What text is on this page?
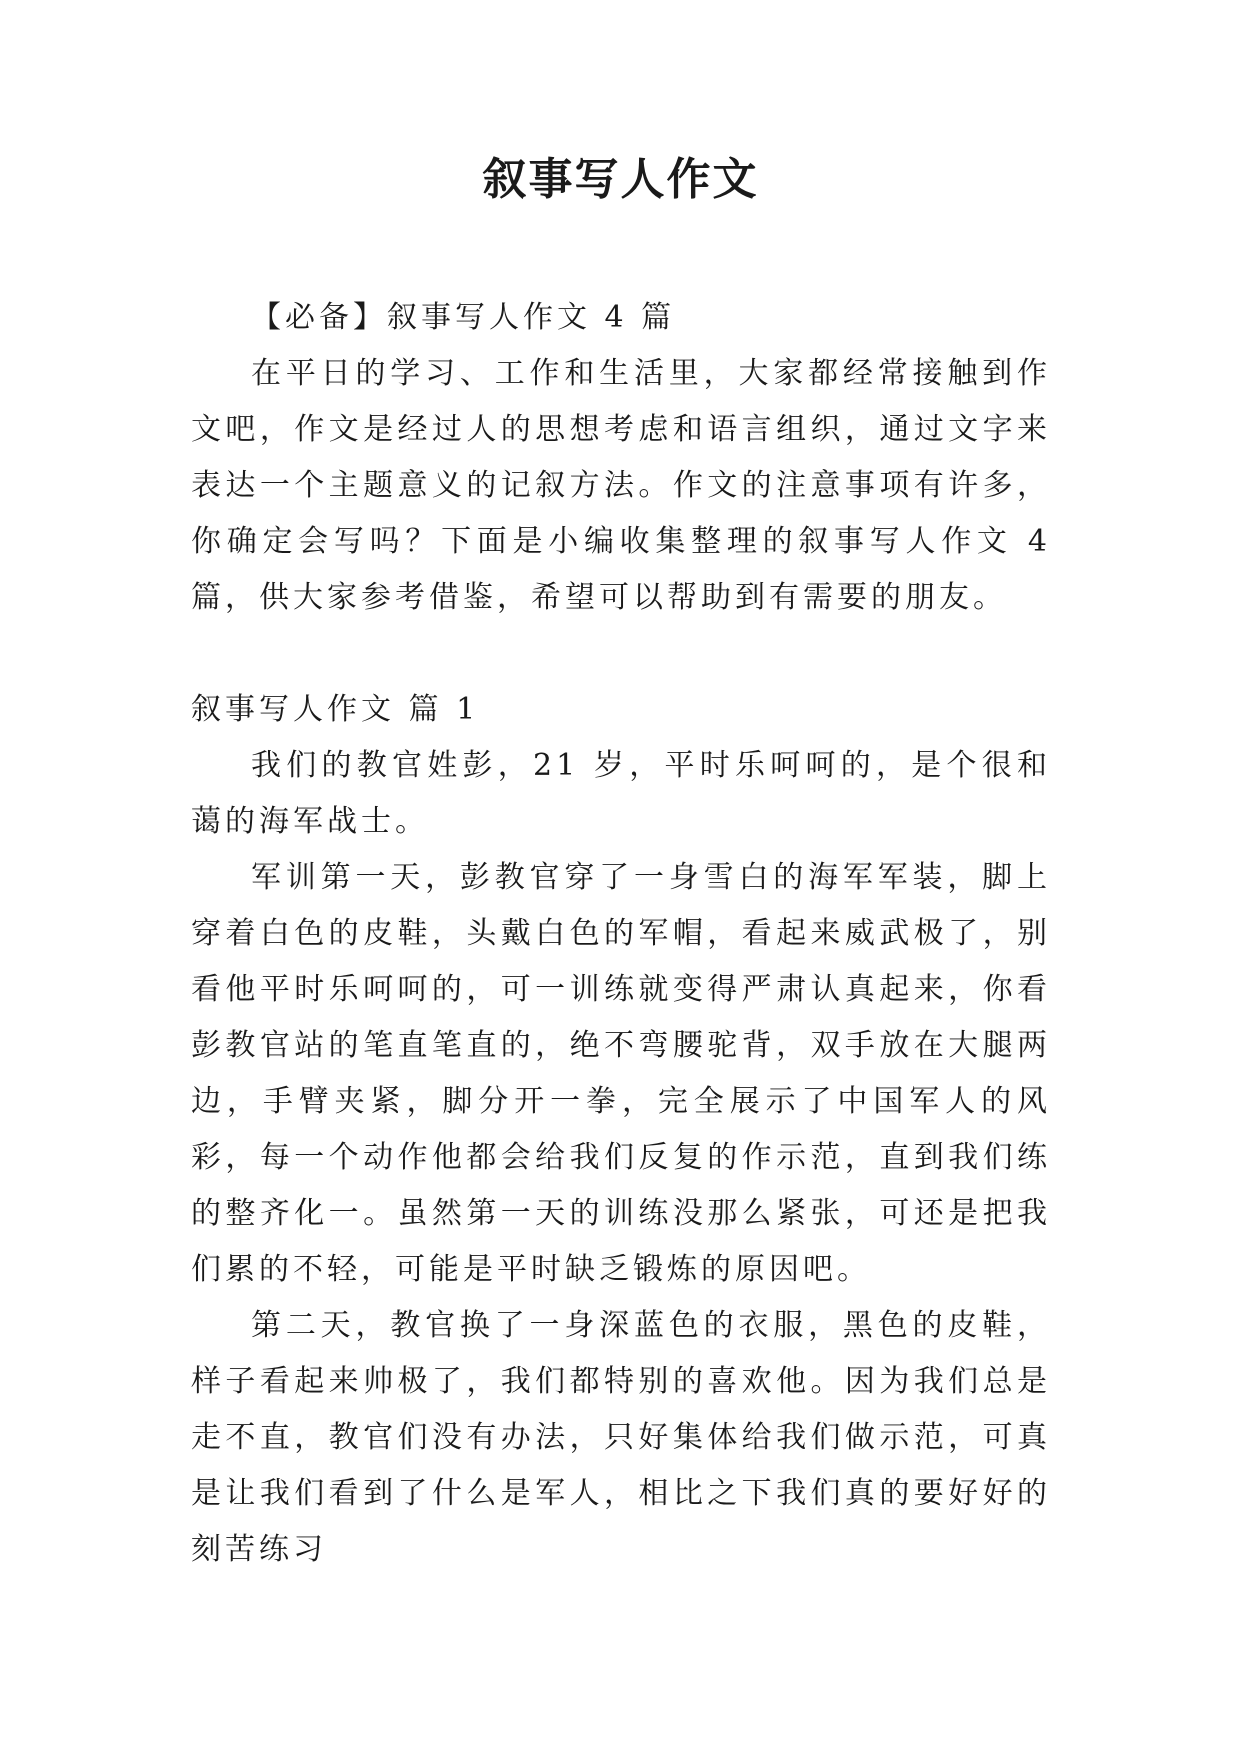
叙事写人作文

【必备】叙事写人作文 4 篇

在平日的学习、工作和生活里，大家都经常接触到作文吧，作文是经过人的思想考虑和语言组织，通过文字来表达一个主题意义的记叙方法。作文的注意事项有许多，你确定会写吗？下面是小编收集整理的叙事写人作文 4 篇，供大家参考借鉴，希望可以帮助到有需要的朋友。

叙事写人作文 篇 1

我们的教官姓彭，21 岁，平时乐呵呵的，是个很和蔼的海军战士。

军训第一天，彭教官穿了一身雪白的海军军装，脚上穿着白色的皮鞋，头戴白色的军帽，看起来威武极了，别看他平时乐呵呵的，可一训练就变得严肃认真起来，你看彭教官站的笔直笔直的，绝不弯腰驼背，双手放在大腿两边，手臂夹紧，脚分开一拳，完全展示了中国军人的风彩，每一个动作他都会给我们反复的作示范，直到我们练的整齐化一。虽然第一天的训练没那么紧张，可还是把我们累的不轻，可能是平时缺乏锻炼的原因吧。

第二天，教官换了一身深蓝色的衣服，黑色的皮鞋，样子看起来帅极了，我们都特别的喜欢他。因为我们总是走不直，教官们没有办法，只好集体给我们做示范，可真是让我们看到了什么是军人，相比之下我们真的要好好的刻苦练习
